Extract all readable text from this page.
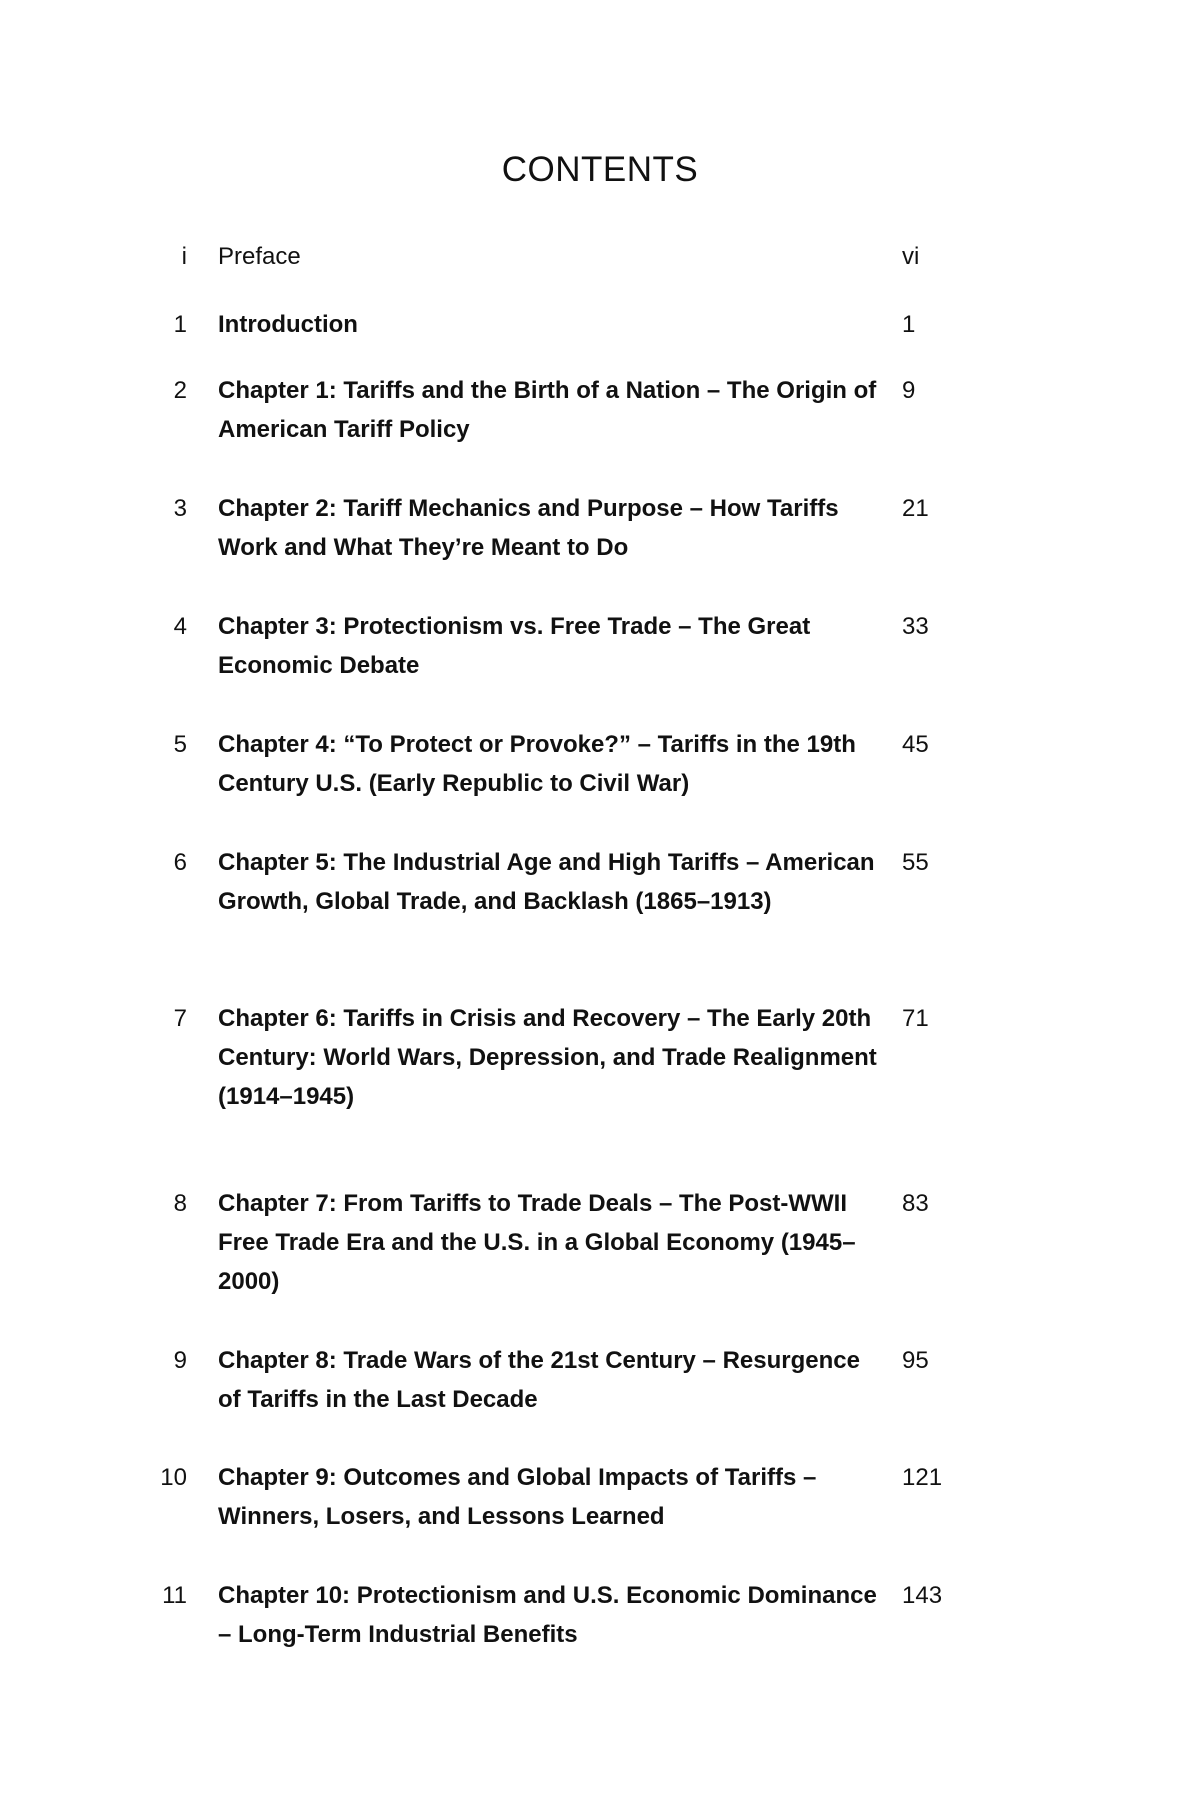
CONTENTS
i Preface	vi
1 Introduction	1
2 Chapter 1: Tariffs and the Birth of a Nation – The Origin of American Tariff Policy
9
3 Chapter 2: Tariff Mechanics and Purpose – How Tariffs Work and What They’re Meant to Do
21
4 Chapter 3: Protectionism vs. Free Trade – The Great Economic Debate
33
5 Chapter 4: “To Protect or Provoke?” – Tariffs in the 19th Century U.S. (Early Republic to Civil War)
45
6 Chapter 5: The Industrial Age and High Tariffs – American Growth, Global Trade, and Backlash (1865–1913)
55
7 Chapter 6: Tariffs in Crisis and Recovery – The Early 20th Century: World Wars, Depression, and Trade Realignment (1914–1945)
71
8 Chapter 7: From Tariffs to Trade Deals – The Post-WWII Free Trade Era and the U.S. in a Global Economy (1945–2000)
83
9 Chapter 8: Trade Wars of the 21st Century – Resurgence of Tariffs in the Last Decade
95
10 Chapter 9: Outcomes and Global Impacts of Tariffs – Winners, Losers, and Lessons Learned
121
11 Chapter 10: Protectionism and U.S. Economic Dominance – Long-Term Industrial Benefits
143
